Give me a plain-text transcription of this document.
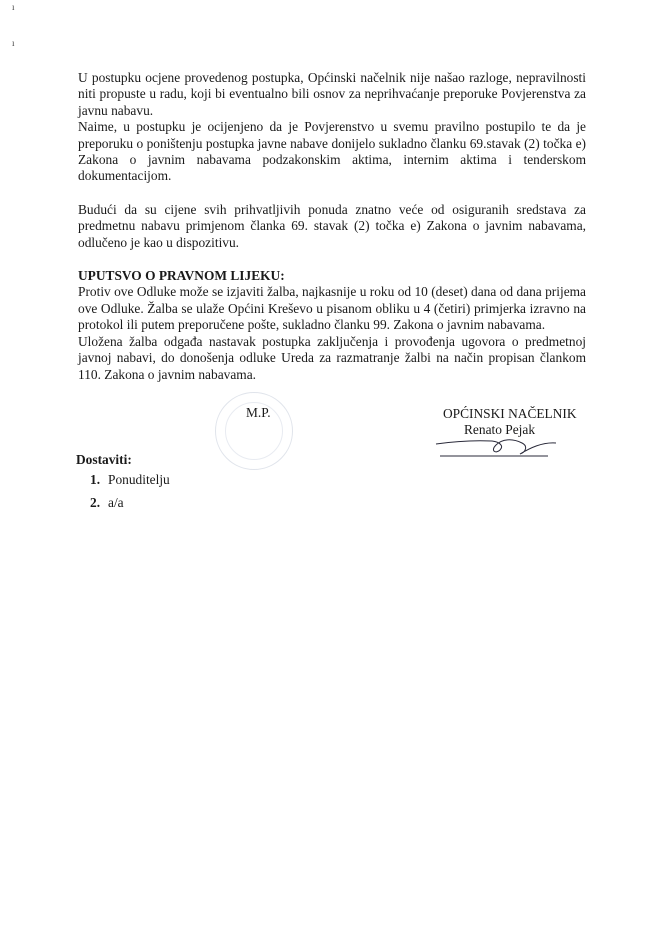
ı
ı

U postupku ocjene provedenog postupka, Općinski načelnik nije našao razloge, nepravilnosti niti propuste u radu, koji bi eventualno bili osnov za neprihvaćanje preporuke Povjerenstva za javnu nabavu.

Naime, u postupku je ocijenjeno da je Povjerenstvo u svemu pravilno postupilo te da je preporuku o poništenju postupka javne nabave donijelo sukladno članku 69.stavak (2) točka e) Zakona o javnim nabavama podzakonskim aktima, internim aktima i tenderskom dokumentacijom.

Budući da su cijene svih prihvatljivih ponuda znatno veće od osiguranih sredstava za predmetnu nabavu primjenom članka 69. stavak (2) točka e) Zakona o javnim nabavama, odlučeno je kao u dispozitivu.

UPUTSVO O PRAVNOM LIJEKU:

Protiv ove Odluke može se izjaviti žalba, najkasnije u roku od 10 (deset) dana od dana prijema ove Odluke. Žalba se ulaže Općini Kreševo u pisanom obliku u 4 (četiri) primjerka izravno na protokol ili putem preporučene pošte, sukladno članku 99. Zakona o javnim nabavama.

Uložena žalba odgađa nastavak postupka zaključenja i provođenja ugovora o predmetnoj javnoj nabavi, do donošenja odluke Ureda za razmatranje žalbi na način propisan člankom 110. Zakona o javnim nabavama.

M.P.	OPĆINSKI NAČELNIK
Renato Pejak
Dostaviti:
1. Ponuditelju
2. a/a
